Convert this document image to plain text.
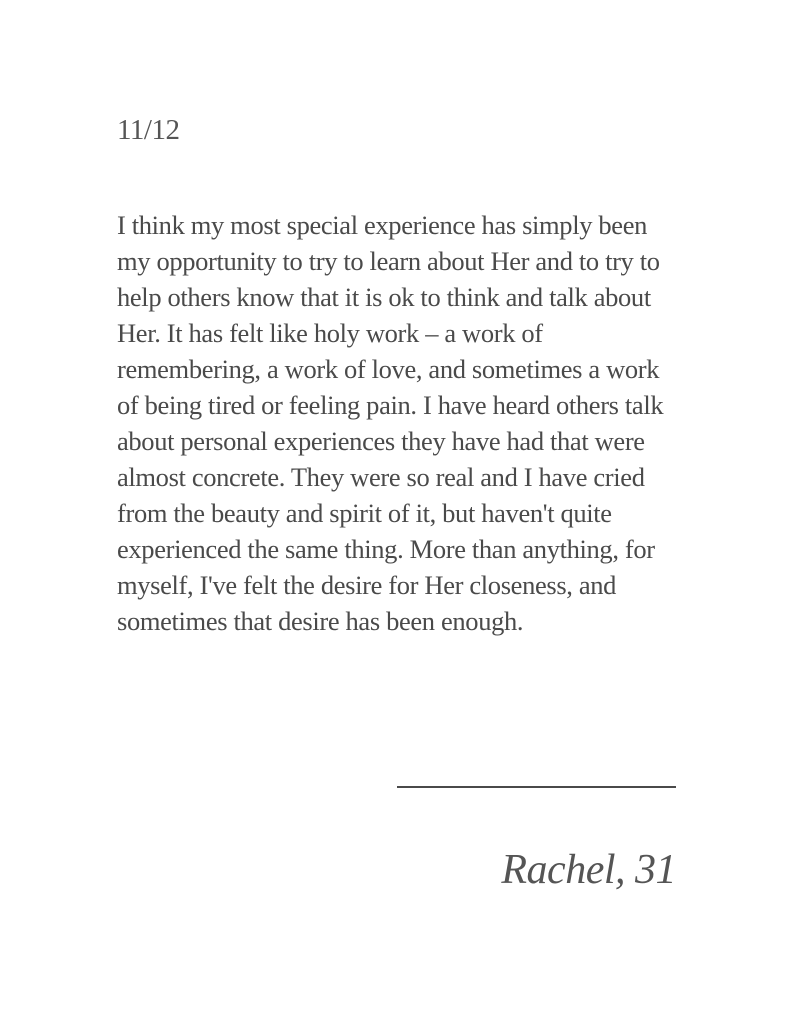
11/12

I think my most special experience has simply been my opportunity to try to learn about Her and to try to help others know that it is ok to think and talk about Her. It has felt like holy work – a work of remembering, a work of love, and sometimes a work of being tired or feeling pain. I have heard others talk about personal experiences they have had that were almost concrete. They were so real and I have cried from the beauty and spirit of it, but haven't quite experienced the same thing. More than anything, for myself, I've felt the desire for Her closeness, and sometimes that desire has been enough.

Rachel, 31
